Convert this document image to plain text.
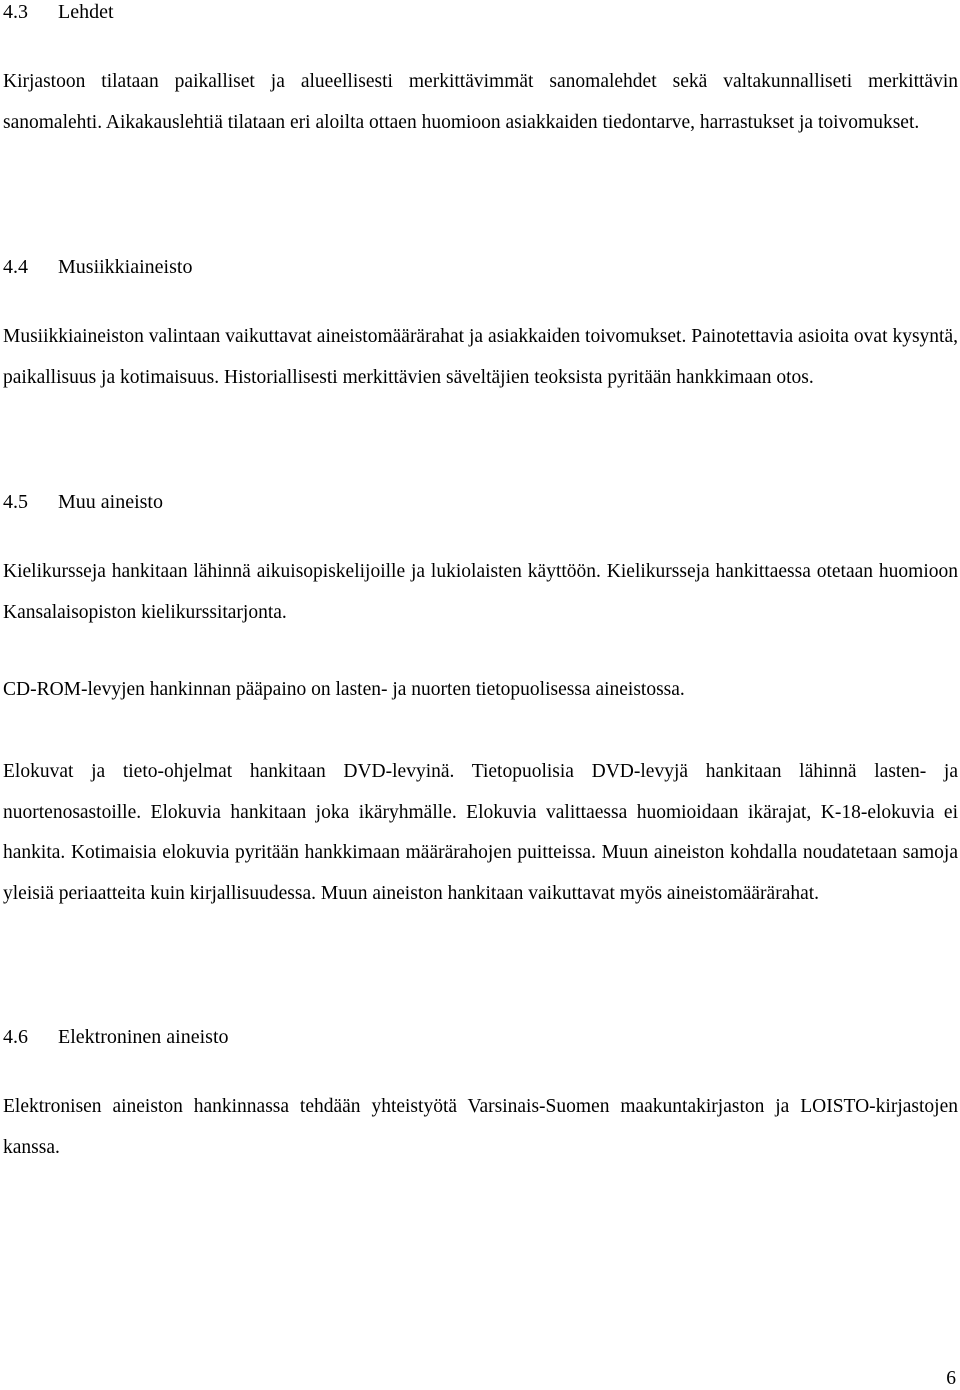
4.3 Lehdet

Kirjastoon tilataan paikalliset ja alueellisesti merkittävimmät sanomalehdet sekä valtakunnalliseti merkittävin sanomalehti. Aikakauslehtiä tilataan eri aloilta ottaen huomioon asiakkaiden tiedontarve, harrastukset ja toivomukset.

4.4 Musiikkiaineisto

Musiikkiaineiston valintaan vaikuttavat aineistomäärärahat ja asiakkaiden toivomukset. Painotettavia asioita ovat kysyntä, paikallisuus ja kotimaisuus. Historiallisesti merkittävien säveltäjien teoksista pyritään hankkimaan otos.

4.5 Muu aineisto

Kielikursseja hankitaan lähinnä aikuisopiskelijoille ja lukiolaisten käyttöön. Kielikursseja hankittaessa otetaan huomioon Kansalaisopiston kielikurssitarjonta.

CD-ROM-levyjen hankinnan pääpaino on lasten- ja nuorten tietopuolisessa aineistossa.

Elokuvat ja tieto-ohjelmat hankitaan DVD-levyinä. Tietopuolisia DVD-levyjä hankitaan lähinnä lasten- ja nuortenosastoille. Elokuvia hankitaan joka ikäryhmälle. Elokuvia valittaessa huomioidaan ikärajat, K-18-elokuvia ei hankita. Kotimaisia elokuvia pyritään hankkimaan määrärahojen puitteissa. Muun aineiston kohdalla noudatetaan samoja yleisiä periaatteita kuin kirjallisuudessa. Muun aineiston hankitaan vaikuttavat myös aineistomäärärahat.

4.6 Elektroninen aineisto

Elektronisen aineiston hankinnassa tehdään yhteistyötä Varsinais-Suomen maakuntakirjaston ja LOISTO-kirjastojen kanssa.

6
